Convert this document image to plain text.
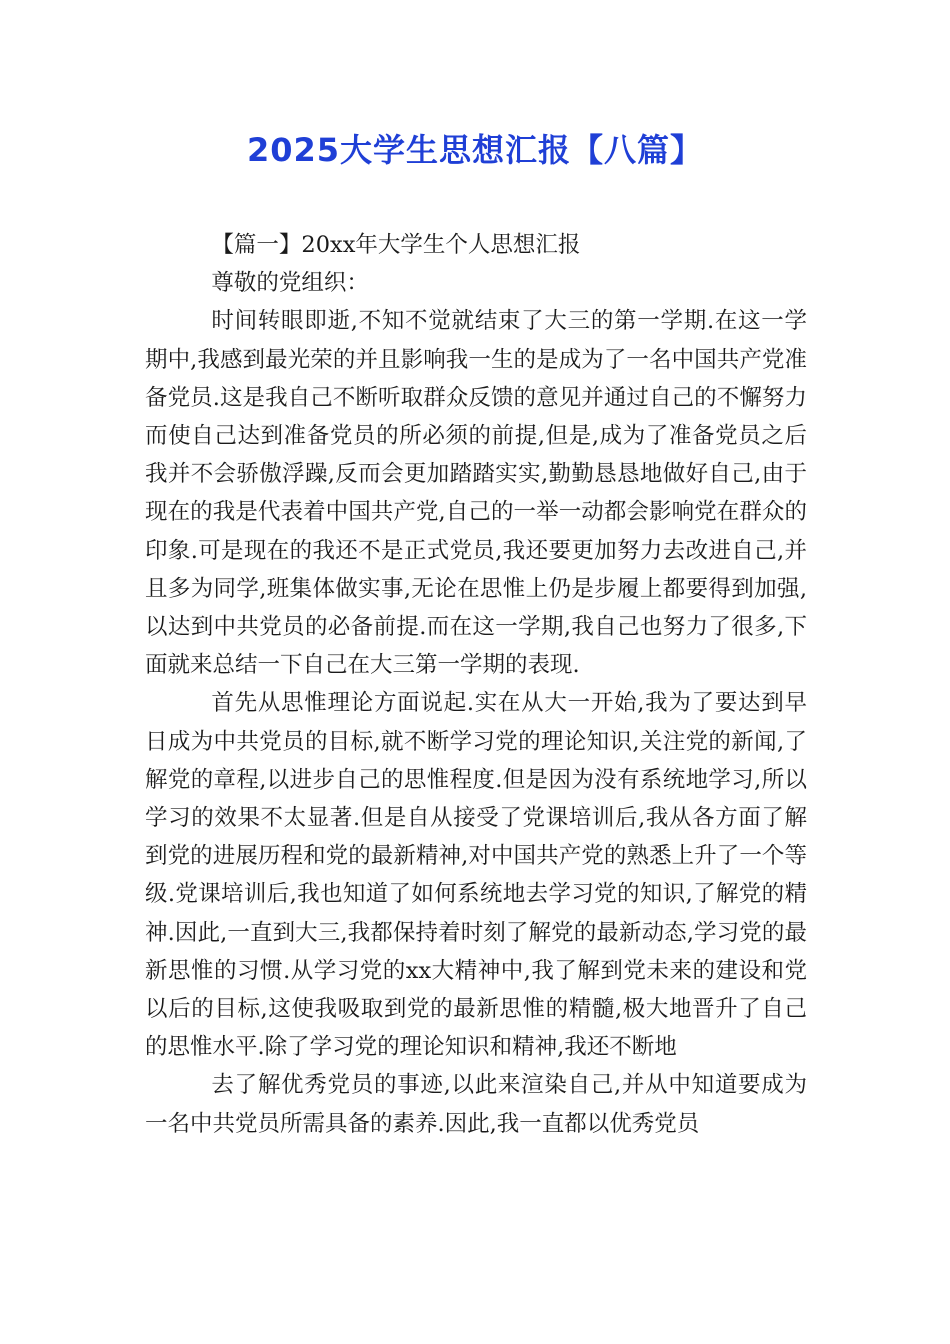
2025大学生思想汇报【八篇】

【篇一】20xx年大学生个人思想汇报

尊敬的党组织：

时间转眼即逝,不知不觉就结束了大三的第一学期.在这一学期中,我感到最光荣的并且影响我一生的是成为了一名中国共产党准备党员.这是我自己不断听取群众反馈的意见并通过自己的不懈努力而使自己达到准备党员的所必须的前提,但是,成为了准备党员之后我并不会骄傲浮躁,反而会更加踏踏实实,勤勤恳恳地做好自己,由于现在的我是代表着中国共产党,自己的一举一动都会影响党在群众的印象.可是现在的我还不是正式党员,我还要更加努力去改进自己,并且多为同学,班集体做实事,无论在思惟上仍是步履上都要得到加强,以达到中共党员的必备前提.而在这一学期,我自己也努力了很多,下面就来总结一下自己在大三第一学期的表现.

首先从思惟理论方面说起.实在从大一开始,我为了要达到早日成为中共党员的目标,就不断学习党的理论知识,关注党的新闻,了解党的章程,以进步自己的思惟程度.但是因为没有系统地学习,所以学习的效果不太显著.但是自从接受了党课培训后,我从各方面了解到党的进展历程和党的最新精神,对中国共产党的熟悉上升了一个等级.党课培训后,我也知道了如何系统地去学习党的知识,了解党的精神.因此,一直到大三,我都保持着时刻了解党的最新动态,学习党的最新思惟的习惯.从学习党的xx大精神中,我了解到党未来的建设和党以后的目标,这使我吸取到党的最新思惟的精髓,极大地晋升了自己的思惟水平.除了学习党的理论知识和精神,我还不断地

去了解优秀党员的事迹,以此来渲染自己,并从中知道要成为一名中共党员所需具备的素养.因此,我一直都以优秀党员
